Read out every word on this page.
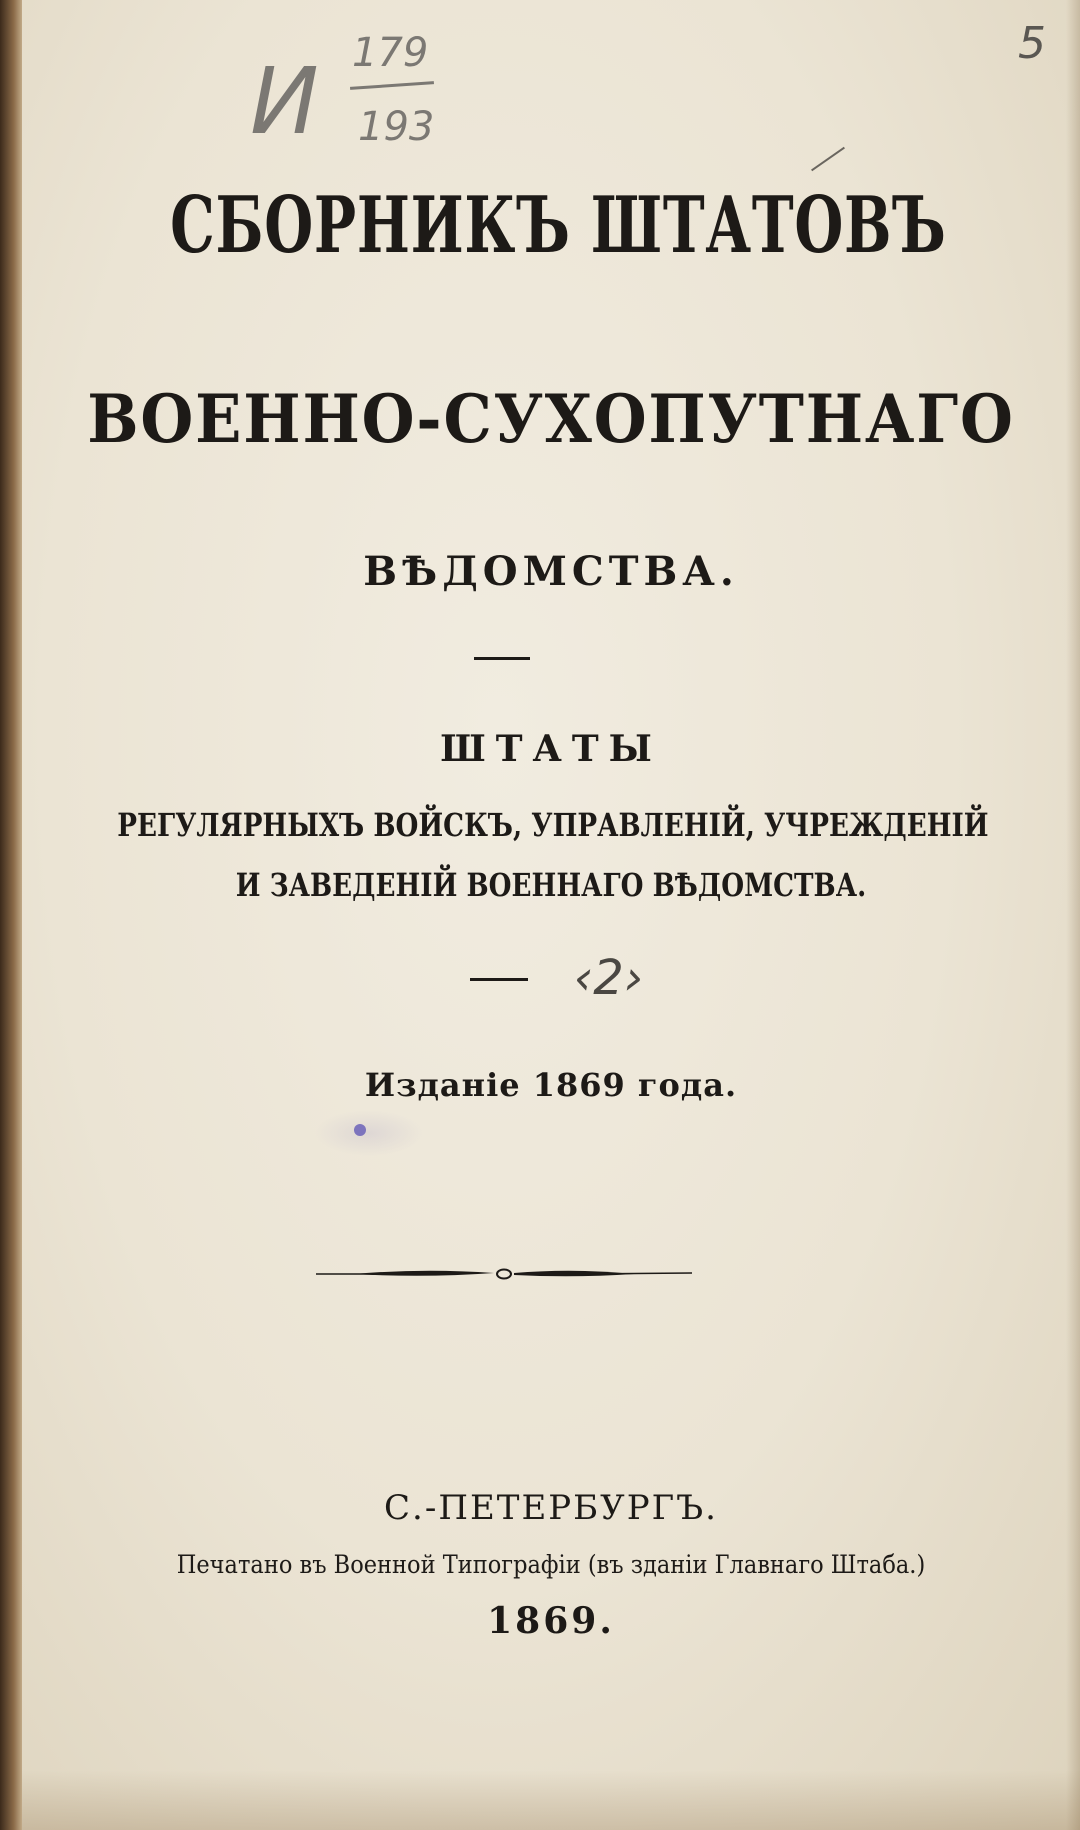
И 179
193
5
СБОРНИКЪ ШТАТОВЪ
ВОЕННО-СУХОПУТНАГО
ВѢДОМСТВА.
ШТАТЫ
РЕГУЛЯРНЫХЪ ВОЙСКЪ, УПРАВЛЕНІЙ, УЧРЕЖДЕНІЙ
И ЗАВЕДЕНІЙ ВОЕННАГО ВѢДОМСТВА.
‹2›
Изданіе 1869 года.
С.-ПЕТЕРБУРГЪ.
Печатано въ Военной Типографіи (въ зданіи Главнаго Штаба.)
1869.
